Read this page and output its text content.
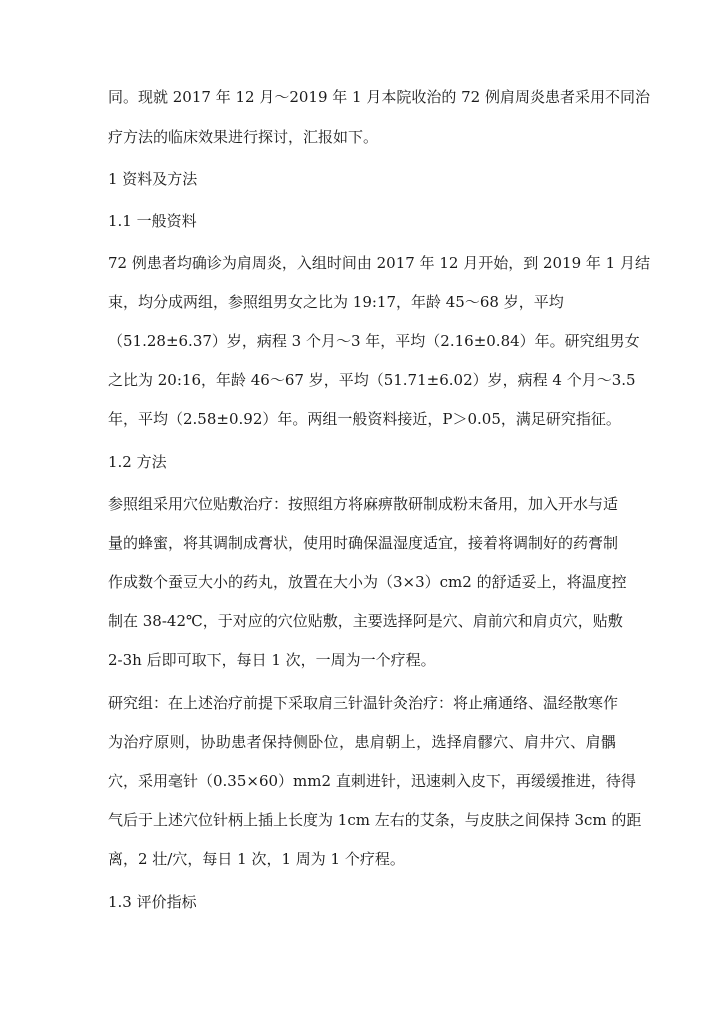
同。现就 2017 年 12 月～2019 年 1 月本院收治的 72 例肩周炎患者采用不同治
疗方法的临床效果进行探讨，汇报如下。
1 资料及方法
1.1 一般资料
72 例患者均确诊为肩周炎，入组时间由 2017 年 12 月开始，到 2019 年 1 月结
束，均分成两组，参照组男女之比为 19:17，年龄 45～68 岁，平均
（51.28±6.37）岁，病程 3 个月～3 年，平均（2.16±0.84）年。研究组男女
之比为 20:16，年龄 46～67 岁，平均（51.71±6.02）岁，病程 4 个月～3.5
年，平均（2.58±0.92）年。两组一般资料接近，P＞0.05，满足研究指征。
1.2 方法
参照组采用穴位贴敷治疗：按照组方将麻痹散研制成粉末备用，加入开水与适
量的蜂蜜，将其调制成膏状，使用时确保温湿度适宜，接着将调制好的药膏制
作成数个蚕豆大小的药丸，放置在大小为（3×3）cm2 的舒适妥上，将温度控
制在 38-42℃，于对应的穴位贴敷，主要选择阿是穴、肩前穴和肩贞穴，贴敷
2-3h 后即可取下，每日 1 次，一周为一个疗程。
研究组：在上述治疗前提下采取肩三针温针灸治疗：将止痛通络、温经散寒作
为治疗原则，协助患者保持侧卧位，患肩朝上，选择肩髎穴、肩井穴、肩髃
穴，采用毫针（0.35×60）mm2 直刺进针，迅速刺入皮下，再缓缓推进，待得
气后于上述穴位针柄上插上长度为 1cm 左右的艾条，与皮肤之间保持 3cm 的距
离，2 壮/穴，每日 1 次，1 周为 1 个疗程。
1.3 评价指标
